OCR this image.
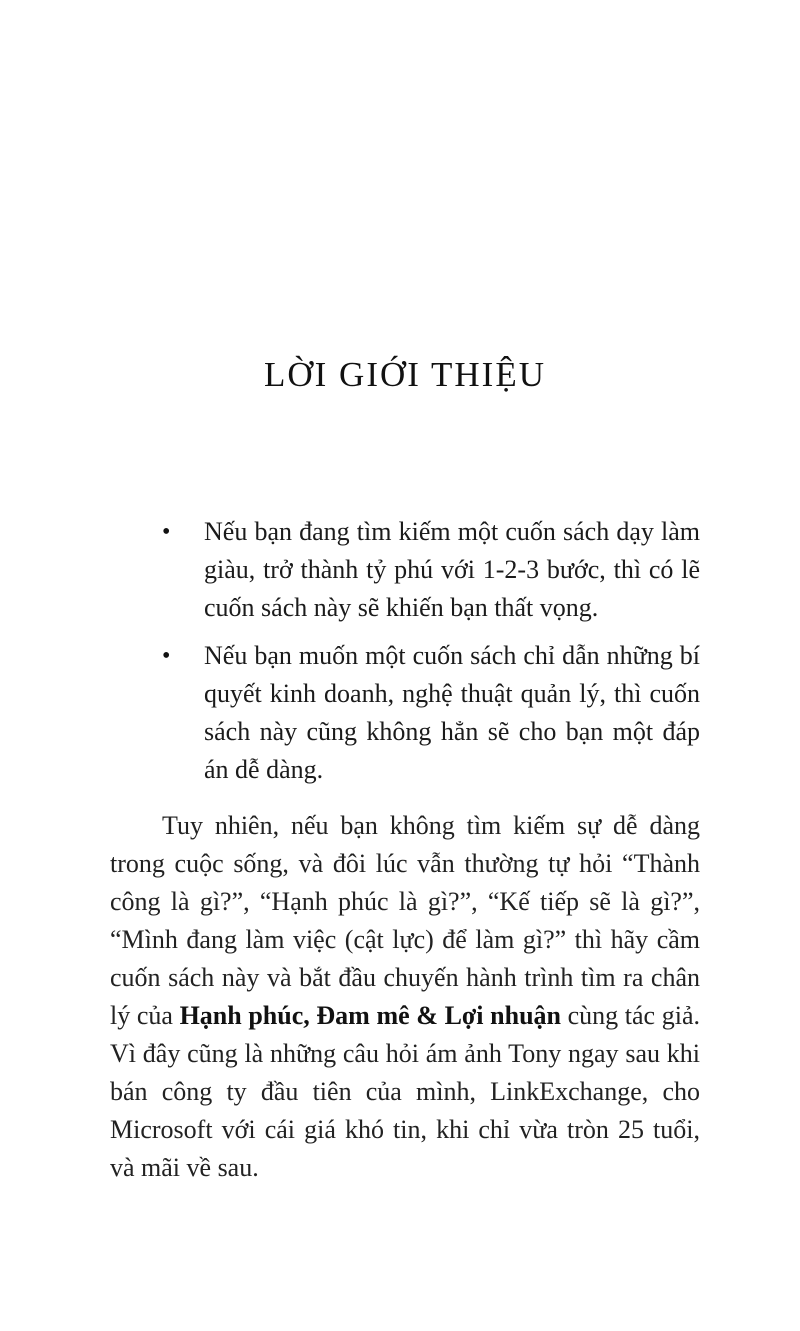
LỜI GIỚI THIỆU
•	Nếu bạn đang tìm kiếm một cuốn sách dạy làm giàu, trở thành tỷ phú với 1-2-3 bước, thì có lẽ cuốn sách này sẽ khiến bạn thất vọng.
•	Nếu bạn muốn một cuốn sách chỉ dẫn những bí quyết kinh doanh, nghệ thuật quản lý, thì cuốn sách này cũng không hẳn sẽ cho bạn một đáp án dễ dàng.

Tuy nhiên, nếu bạn không tìm kiếm sự dễ dàng trong cuộc sống, và đôi lúc vẫn thường tự hỏi “Thành công là gì?”, “Hạnh phúc là gì?”, “Kế tiếp sẽ là gì?”, “Mình đang làm việc (cật lực) để làm gì?” thì hãy cầm cuốn sách này và bắt đầu chuyến hành trình tìm ra chân lý của Hạnh phúc, Đam mê & Lợi nhuận cùng tác giả. Vì đây cũng là những câu hỏi ám ảnh Tony ngay sau khi bán công ty đầu tiên của mình, LinkExchange, cho Microsoft với cái giá khó tin, khi chỉ vừa tròn 25 tuổi, và mãi về sau.
